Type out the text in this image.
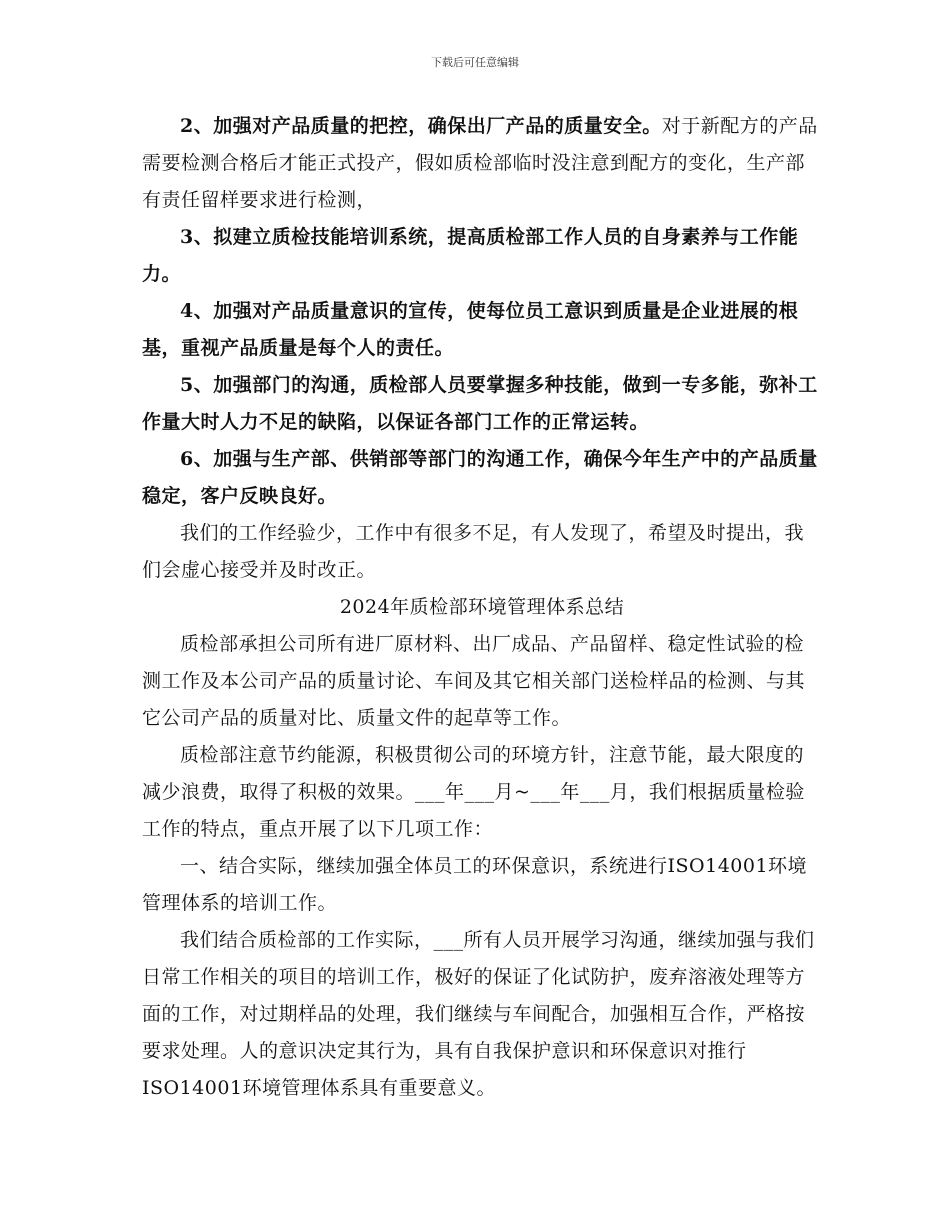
下载后可任意编辑

2、加强对产品质量的把控，确保出厂产品的质量安全。对于新配方的产品需要检测合格后才能正式投产，假如质检部临时没注意到配方的变化，生产部有责任留样要求进行检测，

3、拟建立质检技能培训系统，提高质检部工作人员的自身素养与工作能力。

4、加强对产品质量意识的宣传，使每位员工意识到质量是企业进展的根基，重视产品质量是每个人的责任。

5、加强部门的沟通，质检部人员要掌握多种技能，做到一专多能，弥补工作量大时人力不足的缺陷，以保证各部门工作的正常运转。

6、加强与生产部、供销部等部门的沟通工作，确保今年生产中的产品质量稳定，客户反映良好。

我们的工作经验少，工作中有很多不足，有人发现了，希望及时提出，我们会虚心接受并及时改正。

2024年质检部环境管理体系总结

质检部承担公司所有进厂原材料、出厂成品、产品留样、稳定性试验的检测工作及本公司产品的质量讨论、车间及其它相关部门送检样品的检测、与其它公司产品的质量对比、质量文件的起草等工作。

质检部注意节约能源，积极贯彻公司的环境方针，注意节能，最大限度的减少浪费，取得了积极的效果。___年___月~___年___月，我们根据质量检验工作的特点，重点开展了以下几项工作：

一、结合实际，继续加强全体员工的环保意识，系统进行ISO14001环境管理体系的培训工作。

我们结合质检部的工作实际，___所有人员开展学习沟通，继续加强与我们日常工作相关的项目的培训工作，极好的保证了化试防护，废弃溶液处理等方面的工作，对过期样品的处理，我们继续与车间配合，加强相互合作，严格按要求处理。人的意识决定其行为，具有自我保护意识和环保意识对推行ISO14001环境管理体系具有重要意义。
